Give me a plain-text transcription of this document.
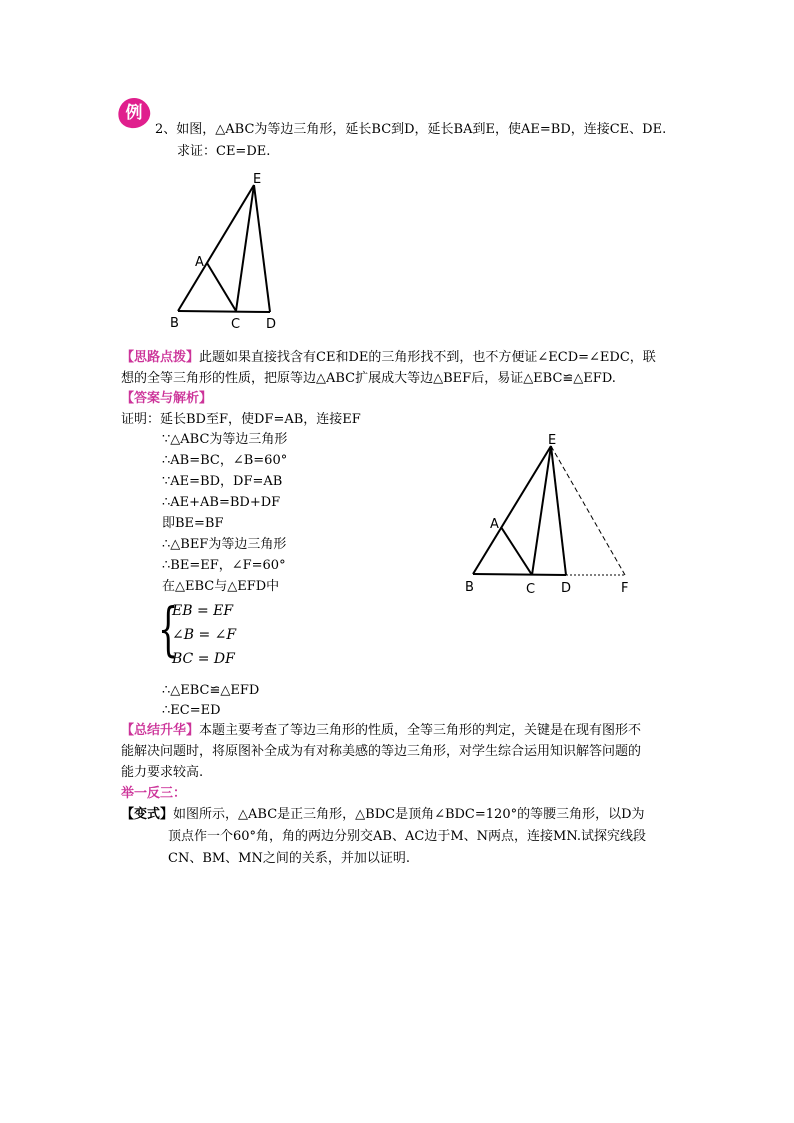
例
2、如图，△ABC为等边三角形，延长BC到D，延长BA到E，使AE=BD，连接CE、DE.
求证：CE=DE.
E
A
B	C D
【思路点拨】此题如果直接找含有CE和DE的三角形找不到，也不方便证∠ECD=∠EDC，联
想的全等三角形的性质，把原等边△ABC扩展成大等边△BEF后，易证△EBC≌△EFD.
【答案与解析】
证明：延长BD至F，使DF=AB，连接EF
∵△ABC为等边三角形
∴AB=BC，∠B=60°
∵AE=BD，DF=AB
∴AE+AB=BD+DF
即BE=BF
∴△BEF为等边三角形
∴BE=EF，∠F=60°
在△EBC与△EFD中
{
EB = EF
∠B = ∠F
BC = DF
∴△EBC≌△EFD
∴EC=ED
E
A
B	C D	F
【总结升华】本题主要考查了等边三角形的性质，全等三角形的判定，关键是在现有图形不
能解决问题时，将原图补全成为有对称美感的等边三角形，对学生综合运用知识解答问题的
能力要求较高.
举一反三：
【变式】如图所示，△ABC是正三角形，△BDC是顶角∠BDC=120°的等腰三角形，以D为
顶点作一个60°角，角的两边分别交AB、AC边于M、N两点，连接MN.试探究线段
CN、BM、MN之间的关系，并加以证明.
